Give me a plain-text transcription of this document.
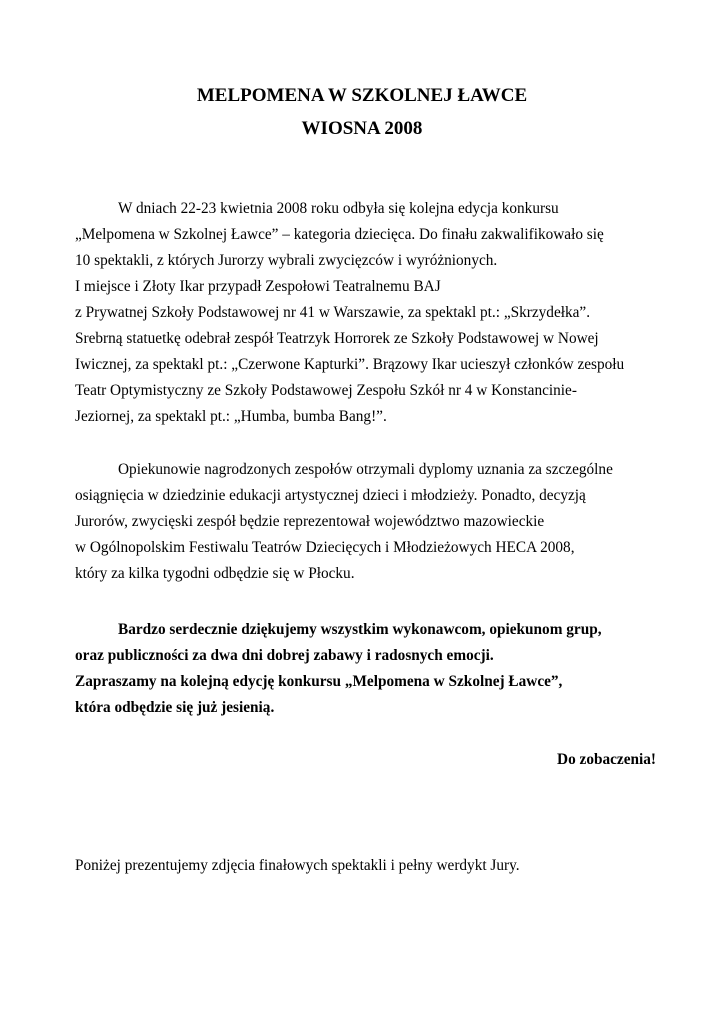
MELPOMENA W SZKOLNEJ ŁAWCE
WIOSNA 2008

W dniach 22-23 kwietnia 2008 roku odbyła się kolejna edycja konkursu

„Melpomena w Szkolnej Ławce” – kategoria dziecięca. Do finału zakwalifikowało się

10 spektakli, z których Jurorzy wybrali zwycięzców i wyróżnionych.

I miejsce i Złoty Ikar przypadł Zespołowi Teatralnemu BAJ

z Prywatnej Szkoły Podstawowej nr 41 w Warszawie, za spektakl pt.: „Skrzydełka”.

Srebrną statuetkę odebrał zespół Teatrzyk Horrorek ze Szkoły Podstawowej w Nowej

Iwicznej, za spektakl pt.: „Czerwone Kapturki”. Brązowy Ikar ucieszył członków zespołu

Teatr Optymistyczny ze Szkoły Podstawowej Zespołu Szkół nr 4 w Konstancinie-

Jeziornej, za spektakl pt.: „Humba, bumba Bang!”.

Opiekunowie nagrodzonych zespołów otrzymali dyplomy uznania za szczególne

osiągnięcia w dziedzinie edukacji artystycznej dzieci i młodzieży. Ponadto, decyzją

Jurorów, zwycięski zespół będzie reprezentował województwo mazowieckie

w Ogólnopolskim Festiwalu Teatrów Dziecięcych i Młodzieżowych HECA 2008,

który za kilka tygodni odbędzie się w Płocku.

Bardzo serdecznie dziękujemy wszystkim wykonawcom, opiekunom grup,

oraz publiczności za dwa dni dobrej zabawy i radosnych emocji.

Zapraszamy na kolejną edycję konkursu „Melpomena w Szkolnej Ławce”,

która odbędzie się już jesienią.

Do zobaczenia!

Poniżej prezentujemy zdjęcia finałowych spektakli i pełny werdykt Jury.
